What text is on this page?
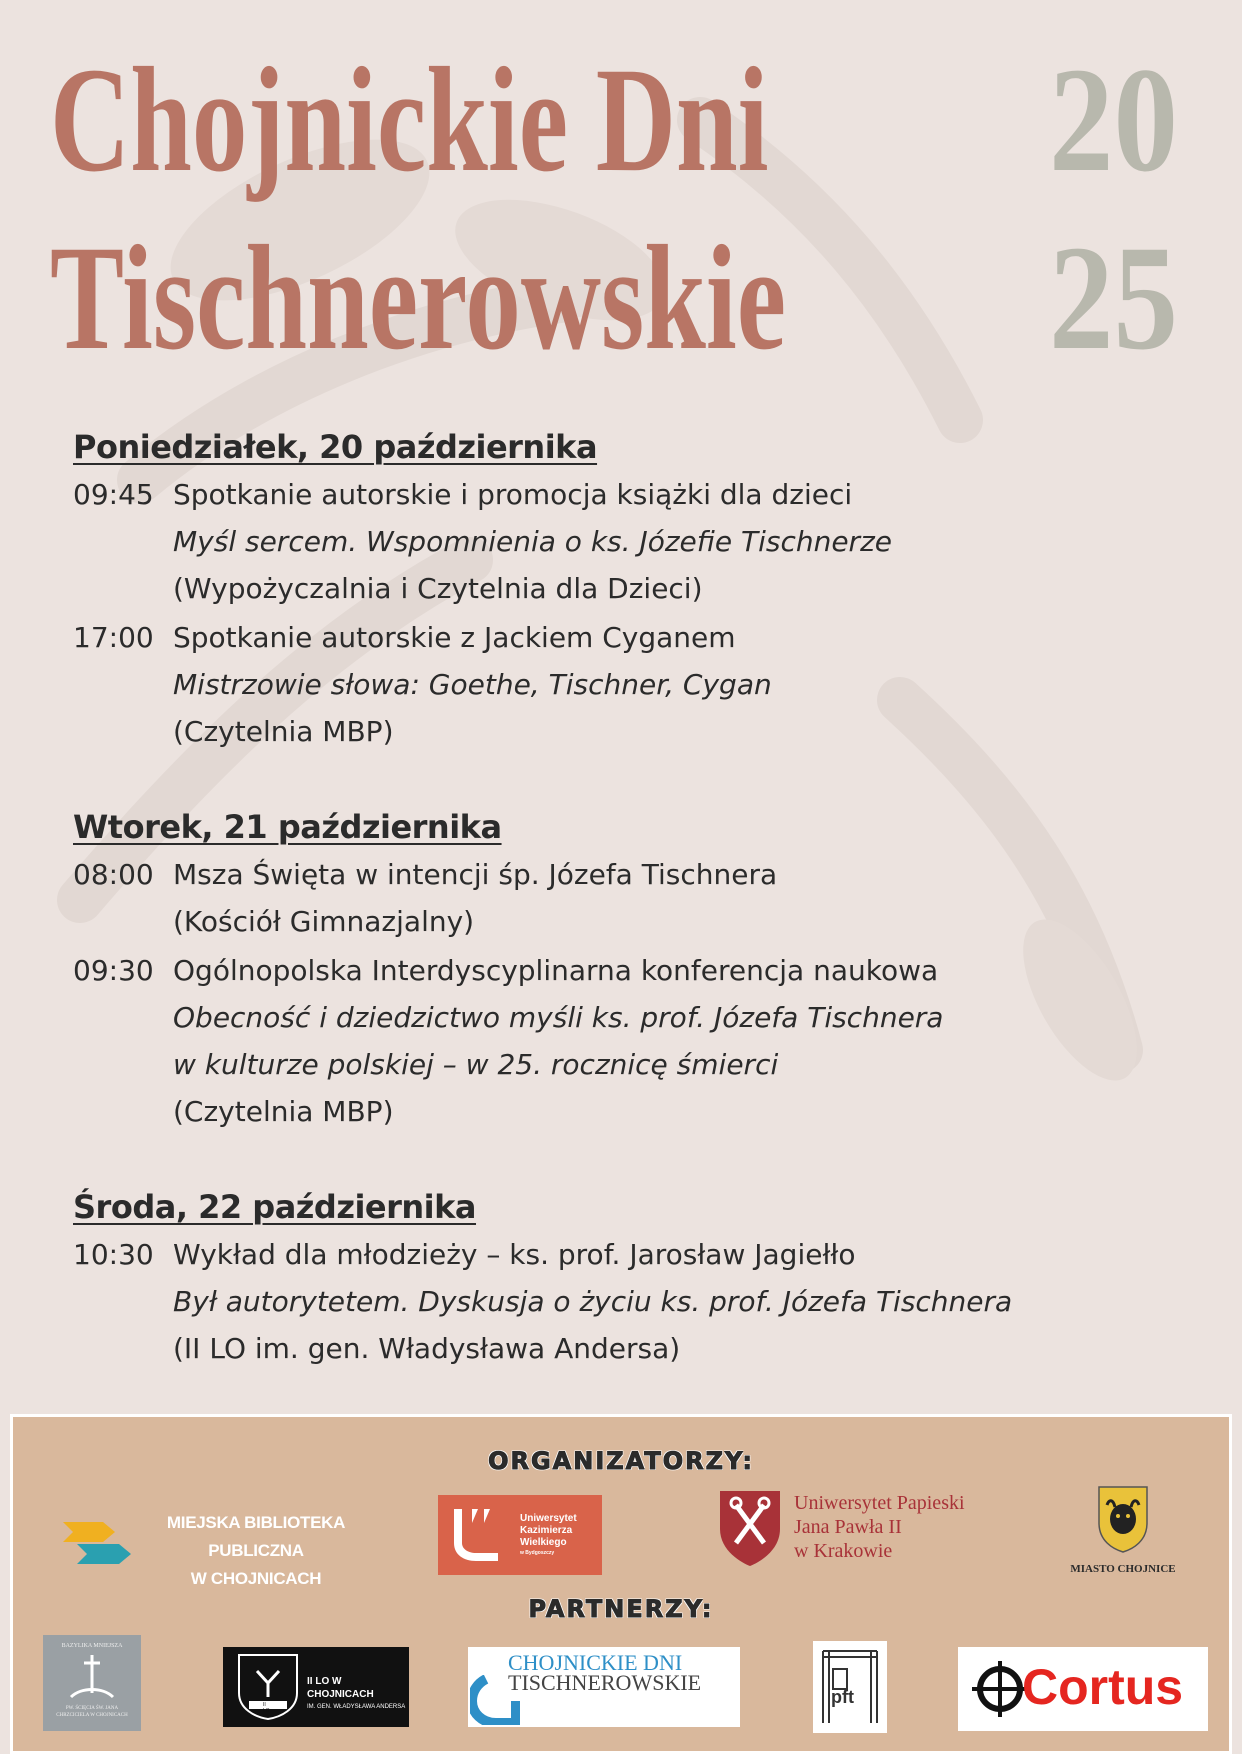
Chojnickie Dni
Tischnerowskie
20
25
Poniedziałek, 20 października
09:45 Spotkanie autorskie i promocja książki dla dzieci
Myśl sercem. Wspomnienia o ks. Józefie Tischnerze
(Wypożyczalnia i Czytelnia dla Dzieci)
17:00 Spotkanie autorskie z Jackiem Cyganem
Mistrzowie słowa: Goethe, Tischner, Cygan
(Czytelnia MBP)
Wtorek, 21 października
08:00 Msza Święta w intencji śp. Józefa Tischnera
(Kościół Gimnazjalny)
09:30 Ogólnopolska Interdyscyplinarna konferencja naukowa
Obecność i dziedzictwo myśli ks. prof. Józefa Tischnera
w kulturze polskiej – w 25. rocznicę śmierci
(Czytelnia MBP)
Środa, 22 października
10:30 Wykład dla młodzieży – ks. prof. Jarosław Jagiełło
Był autorytetem. Dyskusja o życiu ks. prof. Józefa Tischnera
(II LO im. gen. Władysława Andersa)
ORGANIZATORZY:
MIEJSKA BIBLIOTEKA PUBLICZNA
W CHOJNICACH
Uniwersytet
Kazimierza
Wielkiego
w Bydgoszczy
Uniwersytet Papieski
Jana Pawła II
w Krakowie
MIASTO CHOJNICE
PARTNERZY:
BAZYLIKA MNIEJSZA
PW. ŚCIĘCIA ŚW. JANA CHRZCICIELA W CHOJNICACH
II LO
II LO W CHOJNICACH
IM. GEN. WŁADYSŁAWA ANDERSA
CHOJNICKIE DNI
TISCHNEROWSKIE
pft	Cortus
